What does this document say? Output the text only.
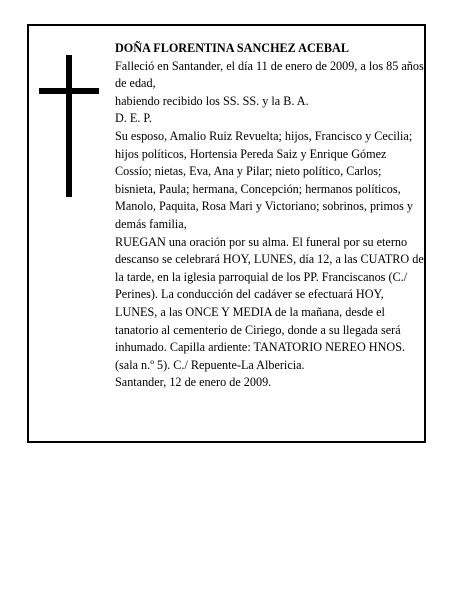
DOÑA FLORENTINA SANCHEZ ACEBAL

Falleció en Santander, el día 11 de enero de 2009, a los 85 años de edad,

habiendo recibido los SS. SS. y la B. A.

D. E. P.

Su esposo, Amalio Ruiz Revuelta; hijos, Francisco y Cecilia; hijos políticos, Hortensia Pereda Saiz y Enrique Gómez Cossío; nietas, Eva, Ana y Pilar; nieto político, Carlos; bisnieta, Paula; hermana, Concepción; hermanos políticos, Manolo, Paquita, Rosa Mari y Victoriano; sobrinos, primos y demás familia,

RUEGAN una oración por su alma. El funeral por su eterno descanso se celebrará HOY, LUNES, día 12, a las CUATRO de la tarde, en la iglesia parroquial de los PP. Franciscanos (C./ Perines). La conducción del cadáver se efectuará HOY, LUNES, a las ONCE Y MEDIA de la mañana, desde el tanatorio al cementerio de Ciriego, donde a su llegada será inhumado. Capilla ardiente: TANATORIO NEREO HNOS. (sala n.º 5). C./ Repuente-La Albericia.

Santander, 12 de enero de 2009.
